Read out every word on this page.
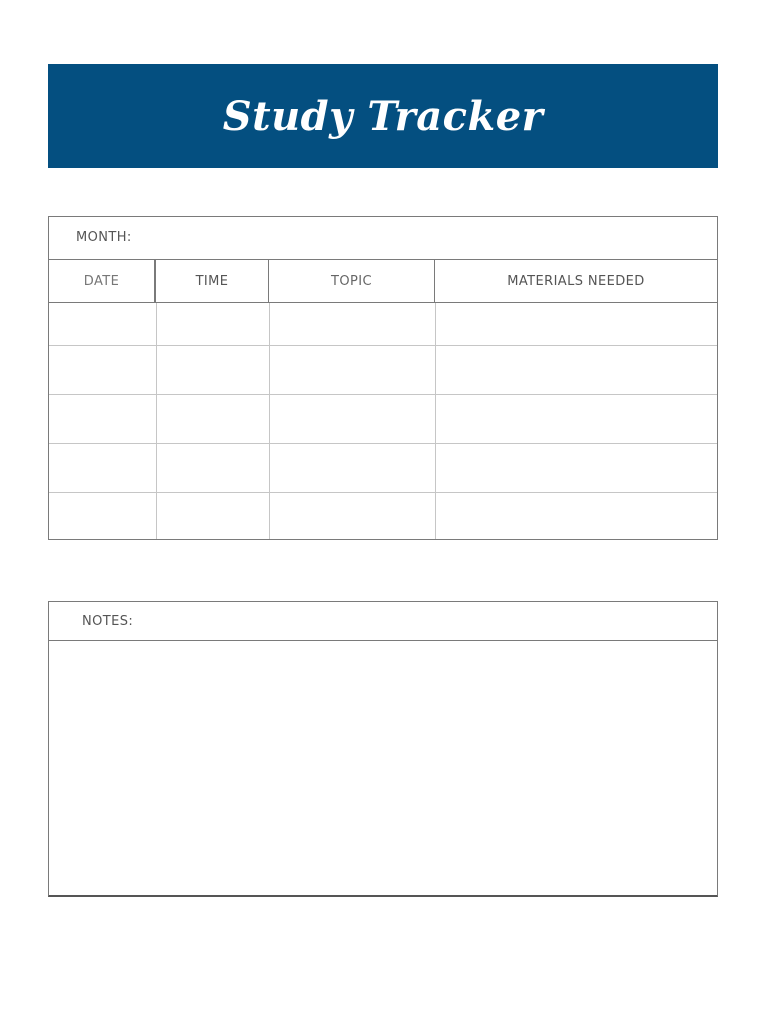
Study Tracker
MONTH:
DATE	TIME	TOPIC	MATERIALS NEEDED
NOTES:
